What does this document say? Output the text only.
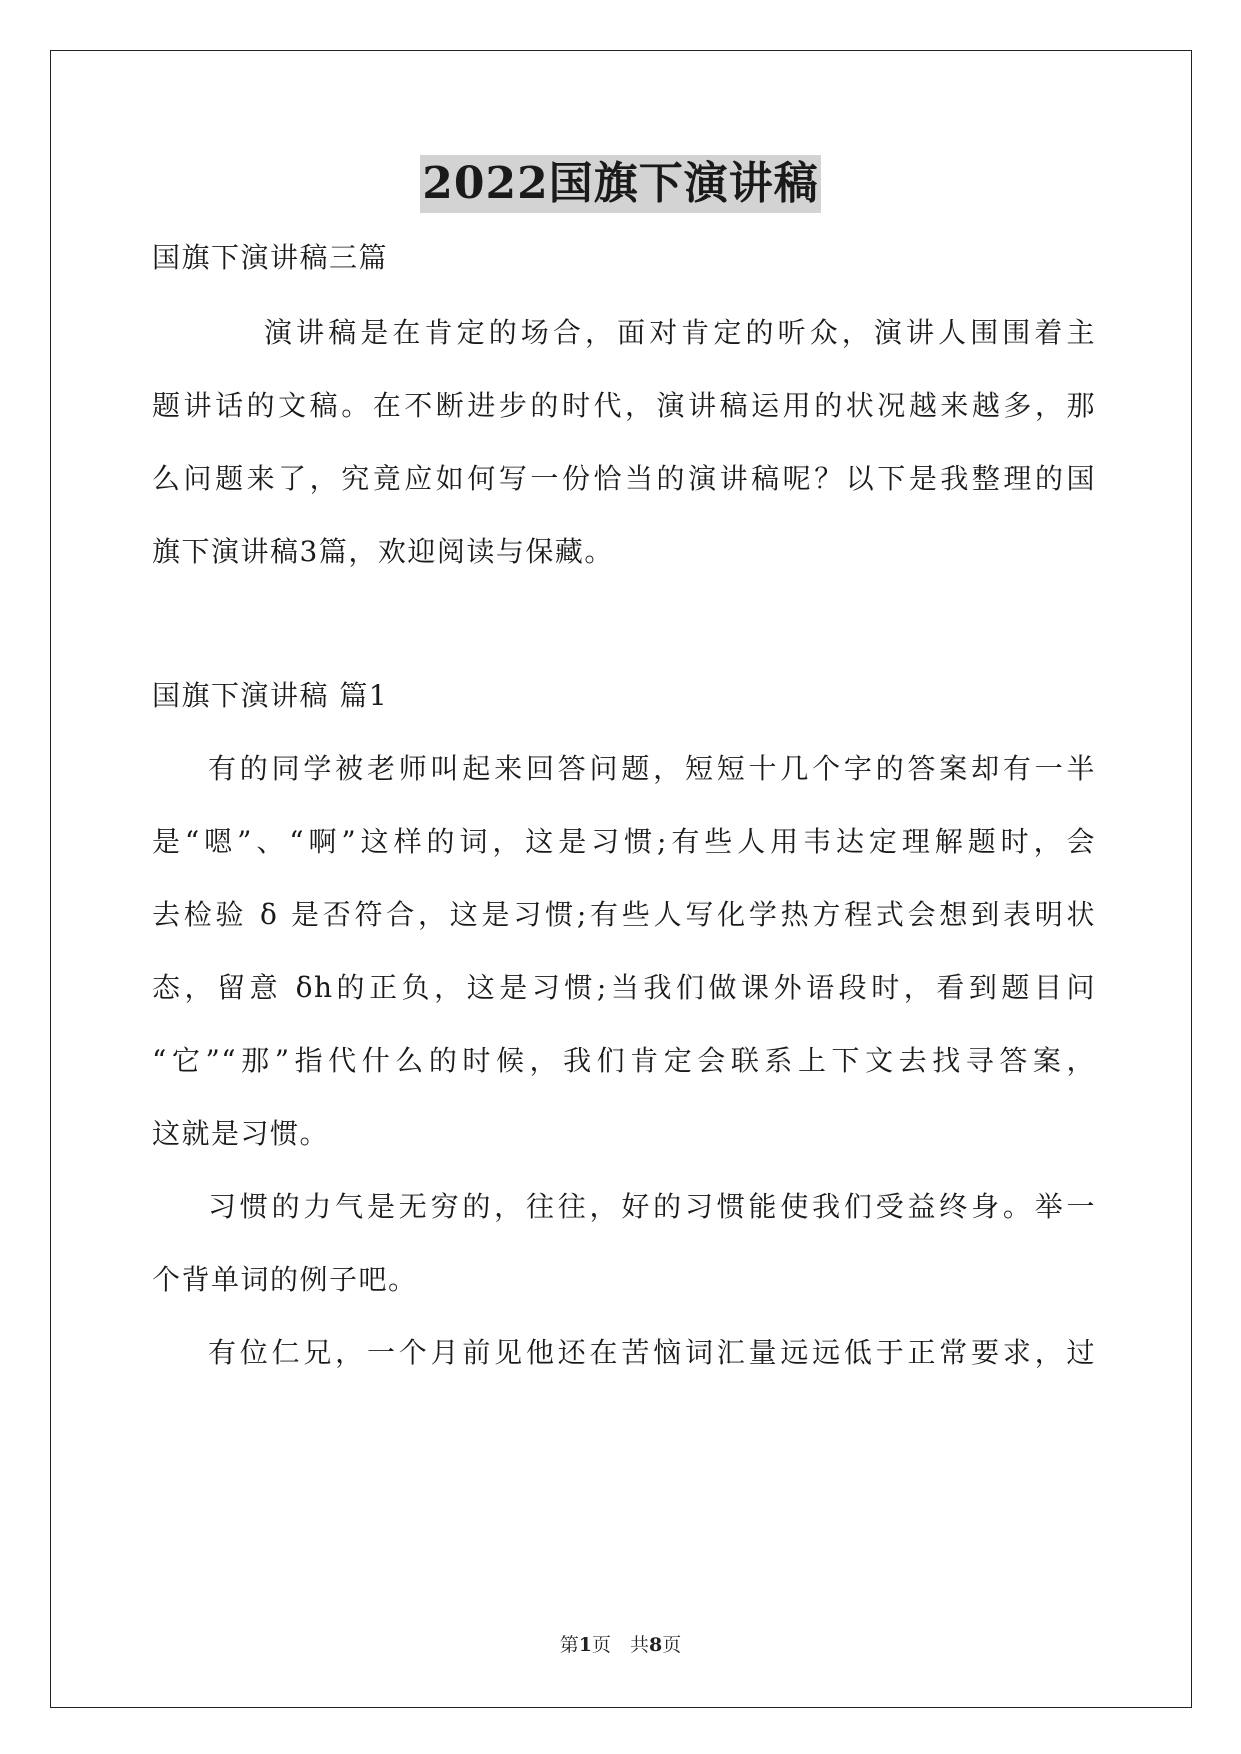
2022国旗下演讲稿
国旗下演讲稿三篇
演讲稿是在肯定的场合，面对肯定的听众，演讲人围围着主
题讲话的文稿。在不断进步的时代，演讲稿运用的状况越来越多，那
么问题来了，究竟应如何写一份恰当的演讲稿呢？以下是我整理的国
旗下演讲稿3篇，欢迎阅读与保藏。
国旗下演讲稿 篇1
有的同学被老师叫起来回答问题，短短十几个字的答案却有一半
是“嗯”、“啊”这样的词，这是习惯;有些人用韦达定理解题时，会
去检验 δ 是否符合，这是习惯;有些人写化学热方程式会想到表明状
态，留意 δh的正负，这是习惯;当我们做课外语段时，看到题目问
“它”“那”指代什么的时候，我们肯定会联系上下文去找寻答案，
这就是习惯。
习惯的力气是无穷的，往往，好的习惯能使我们受益终身。举一
个背单词的例子吧。
有位仁兄，一个月前见他还在苦恼词汇量远远低于正常要求，过
第1页　共8页
